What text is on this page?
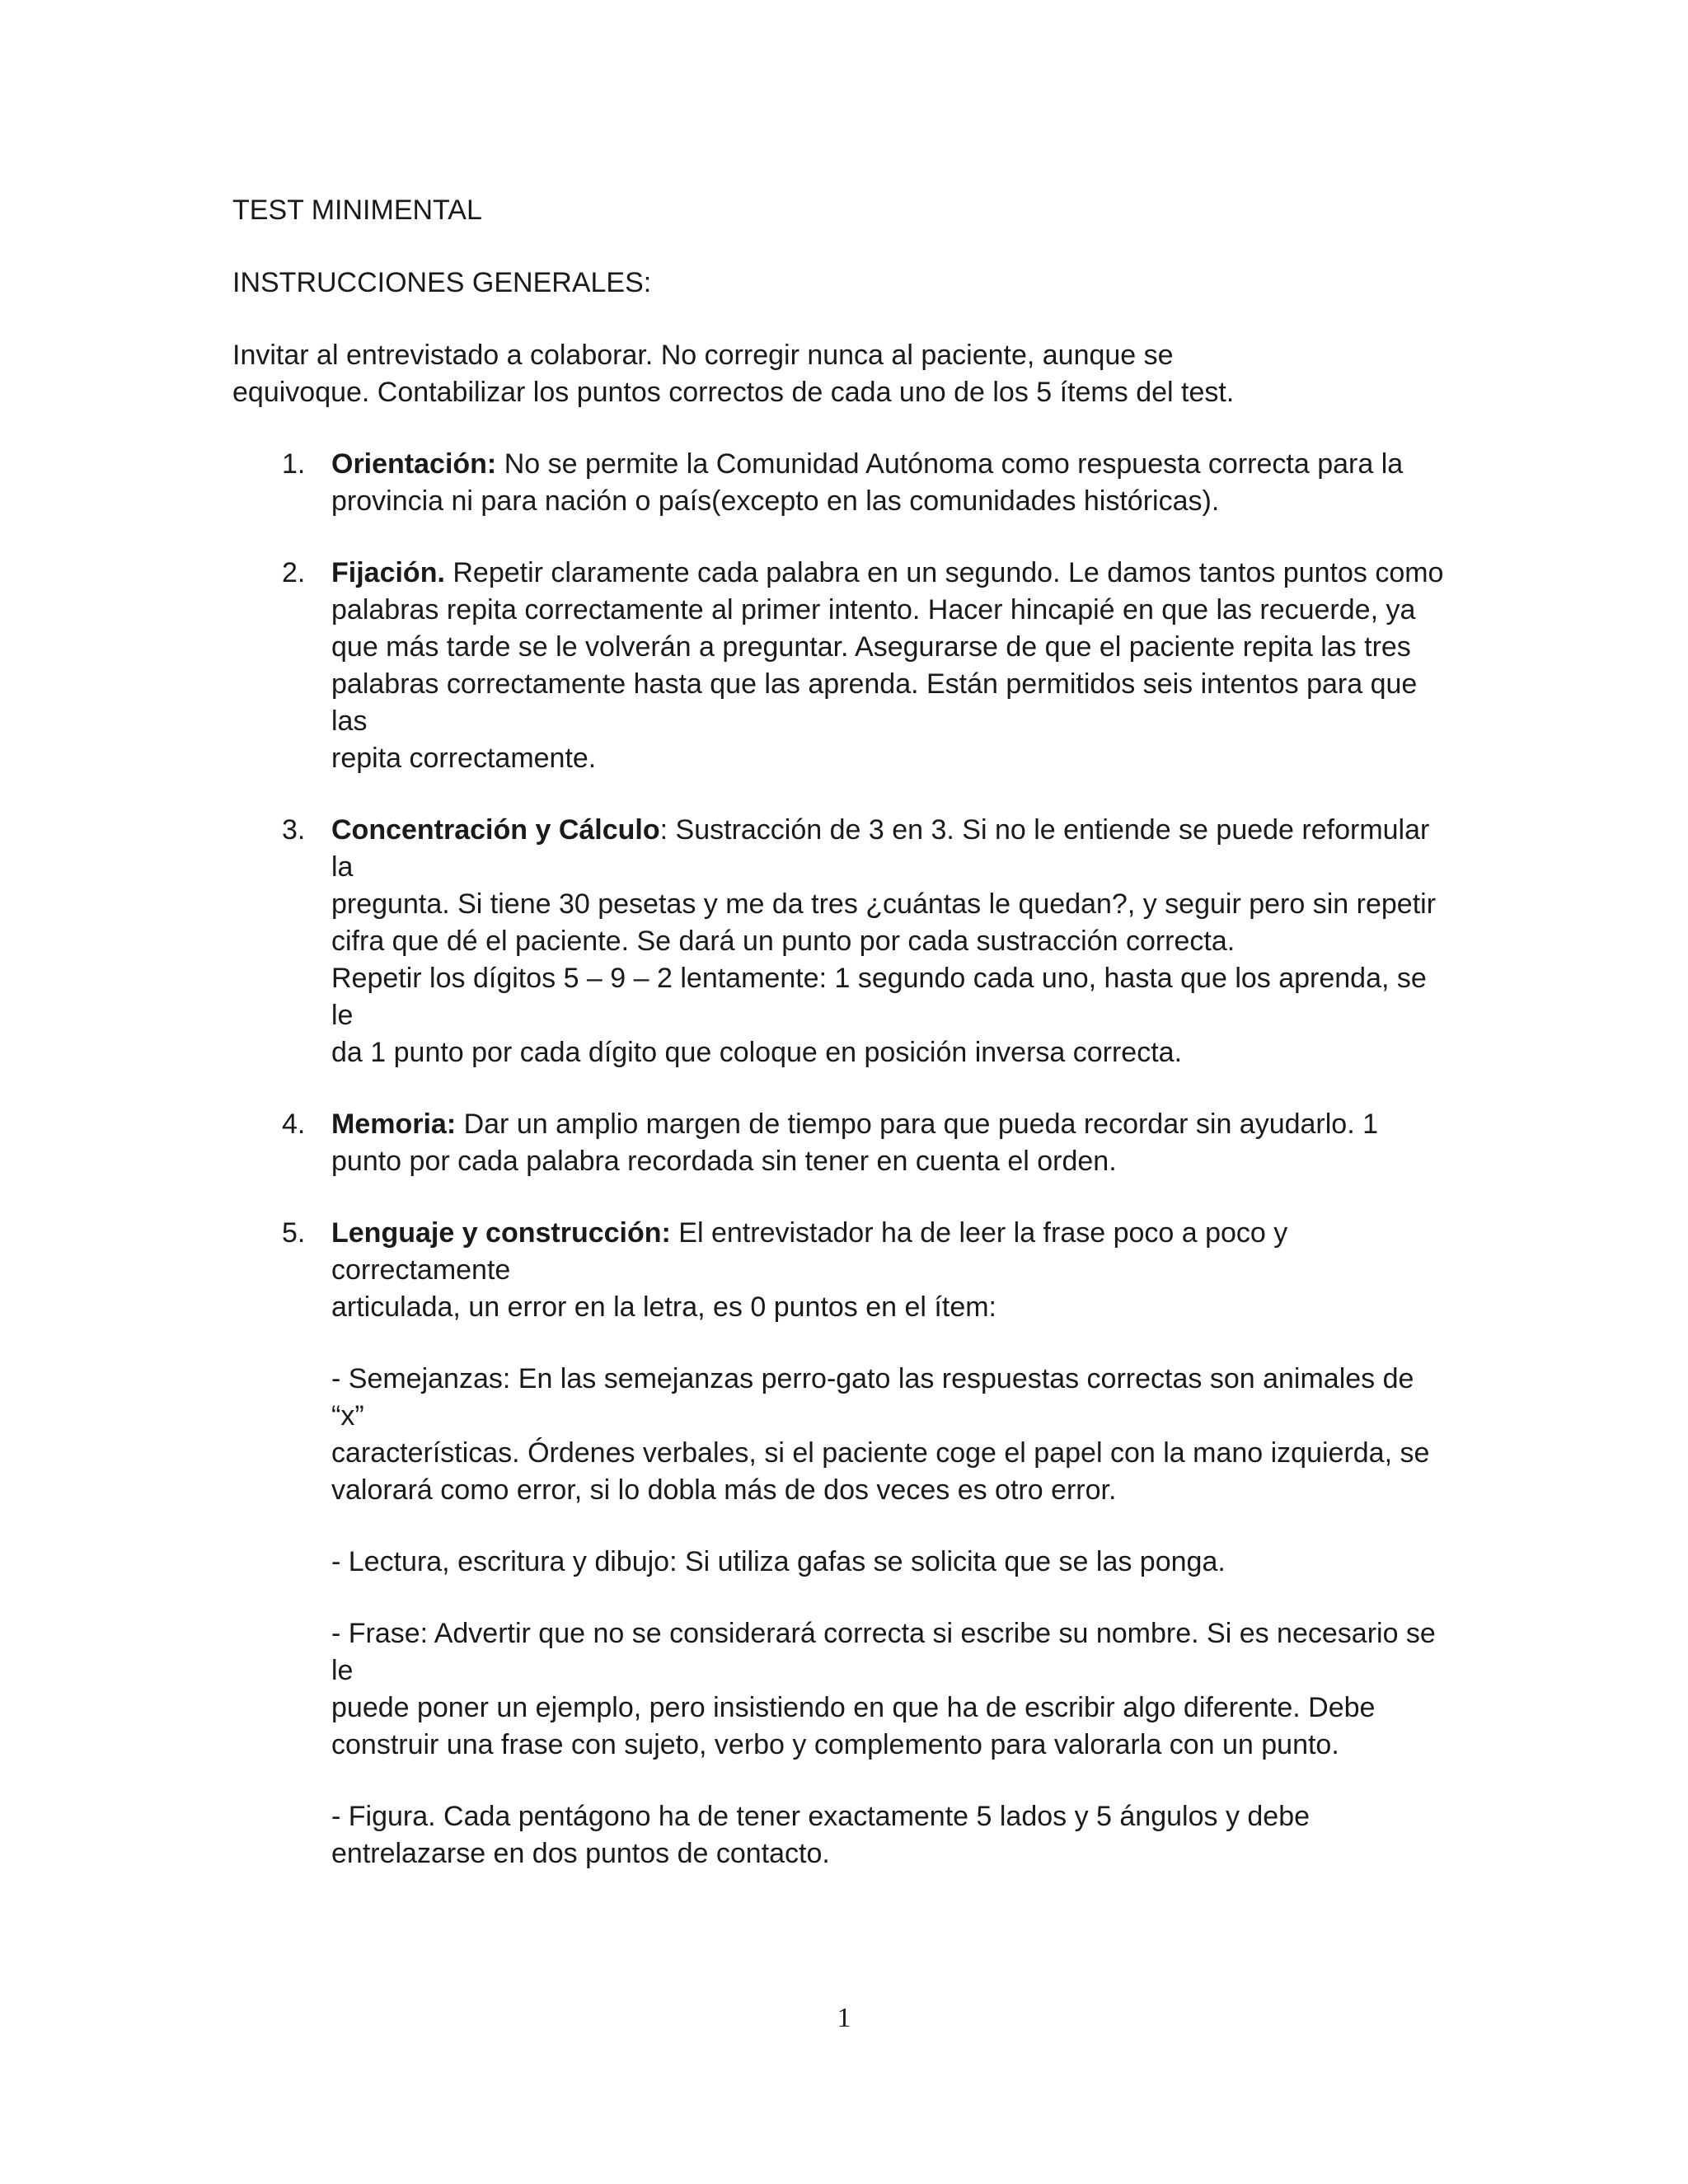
TEST MINIMENTAL

INSTRUCCIONES GENERALES:

Invitar al entrevistado a colaborar. No corregir nunca al paciente, aunque se
equivoque. Contabilizar los puntos correctos de cada uno de los 5 ítems del test.

1. Orientación: No se permite la Comunidad Autónoma como respuesta correcta para la
provincia ni para nación o país(excepto en las comunidades históricas).
2. Fijación. Repetir claramente cada palabra en un segundo. Le damos tantos puntos como
palabras repita correctamente al primer intento. Hacer hincapié en que las recuerde, ya
que más tarde se le volverán a preguntar. Asegurarse de que el paciente repita las tres
palabras correctamente hasta que las aprenda. Están permitidos seis intentos para que las
repita correctamente.
3. Concentración y Cálculo: Sustracción de 3 en 3. Si no le entiende se puede reformular la
pregunta. Si tiene 30 pesetas y me da tres ¿cuántas le quedan?, y seguir pero sin repetir
cifra que dé el paciente. Se dará un punto por cada sustracción correcta.
Repetir los dígitos 5 – 9 – 2 lentamente: 1 segundo cada uno, hasta que los aprenda, se le
da 1 punto por cada dígito que coloque en posición inversa correcta.
4. Memoria: Dar un amplio margen de tiempo para que pueda recordar sin ayudarlo. 1
punto por cada palabra recordada sin tener en cuenta el orden.
5. Lenguaje y construcción: El entrevistador ha de leer la frase poco a poco y correctamente
articulada, un error en la letra, es 0 puntos en el ítem:
- Semejanzas: En las semejanzas perro-gato las respuestas correctas son animales de “x”
características. Órdenes verbales, si el paciente coge el papel con la mano izquierda, se
valorará como error, si lo dobla más de dos veces es otro error.
- Lectura, escritura y dibujo: Si utiliza gafas se solicita que se las ponga.
- Frase: Advertir que no se considerará correcta si escribe su nombre. Si es necesario se le
puede poner un ejemplo, pero insistiendo en que ha de escribir algo diferente. Debe
construir una frase con sujeto, verbo y complemento para valorarla con un punto.
- Figura. Cada pentágono ha de tener exactamente 5 lados y 5 ángulos y debe
entrelazarse en dos puntos de contacto.
1
